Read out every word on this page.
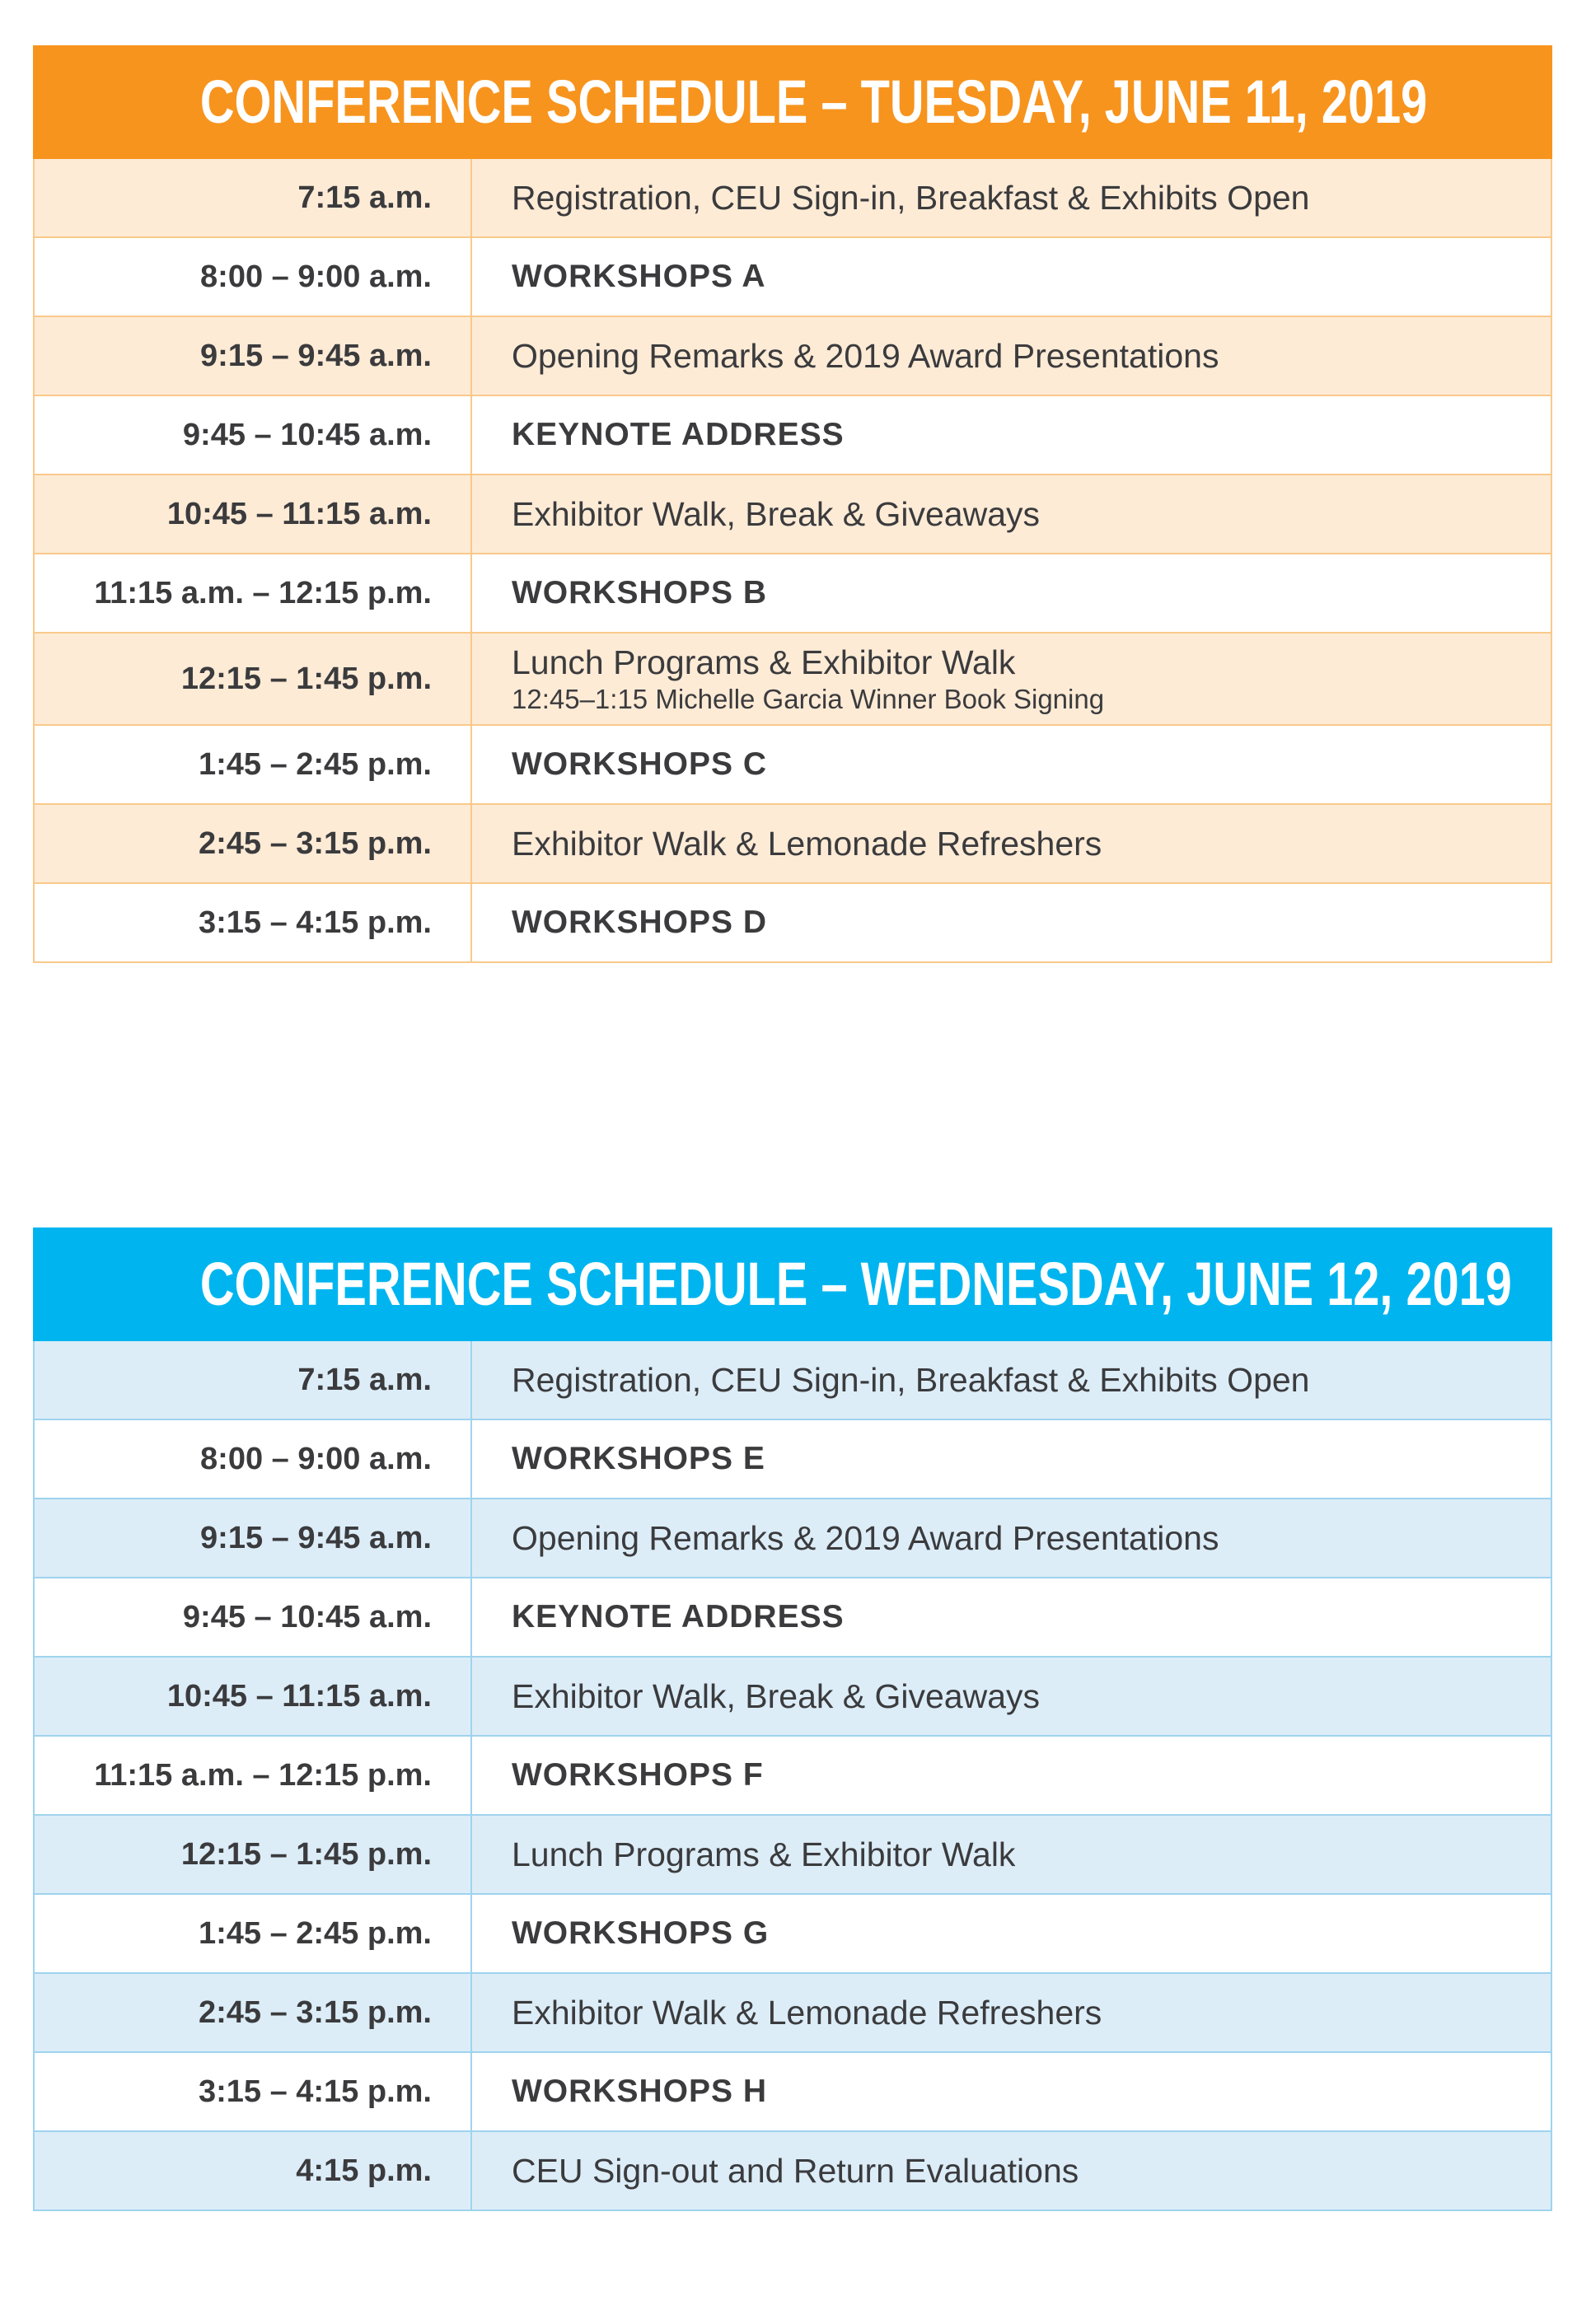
CONFERENCE SCHEDULE – TUESDAY, JUNE 11, 2019
7:15 a.m.	Registration, CEU Sign-in, Breakfast & Exhibits Open
8:00 – 9:00 a.m.	WORKSHOPS A
9:15 – 9:45 a.m.	Opening Remarks & 2019 Award Presentations
9:45 – 10:45 a.m.	KEYNOTE ADDRESS
10:45 – 11:15 a.m.	Exhibitor Walk, Break & Giveaways
11:15 a.m. – 12:15 p.m.	WORKSHOPS B
12:15 – 1:45 p.m.	Lunch Programs & Exhibitor Walk
12:45–1:15 Michelle Garcia Winner Book Signing
1:45 – 2:45 p.m.	WORKSHOPS C
2:45 – 3:15 p.m.	Exhibitor Walk & Lemonade Refreshers
3:15 – 4:15 p.m.	WORKSHOPS D
CONFERENCE SCHEDULE – WEDNESDAY, JUNE 12, 2019
7:15 a.m.	Registration, CEU Sign-in, Breakfast & Exhibits Open
8:00 – 9:00 a.m.	WORKSHOPS E
9:15 – 9:45 a.m.	Opening Remarks & 2019 Award Presentations
9:45 – 10:45 a.m.	KEYNOTE ADDRESS
10:45 – 11:15 a.m.	Exhibitor Walk, Break & Giveaways
11:15 a.m. – 12:15 p.m.	WORKSHOPS F
12:15 – 1:45 p.m.	Lunch Programs & Exhibitor Walk
1:45 – 2:45 p.m.	WORKSHOPS G
2:45 – 3:15 p.m.	Exhibitor Walk & Lemonade Refreshers
3:15 – 4:15 p.m.	WORKSHOPS H
4:15 p.m.	CEU Sign-out and Return Evaluations
